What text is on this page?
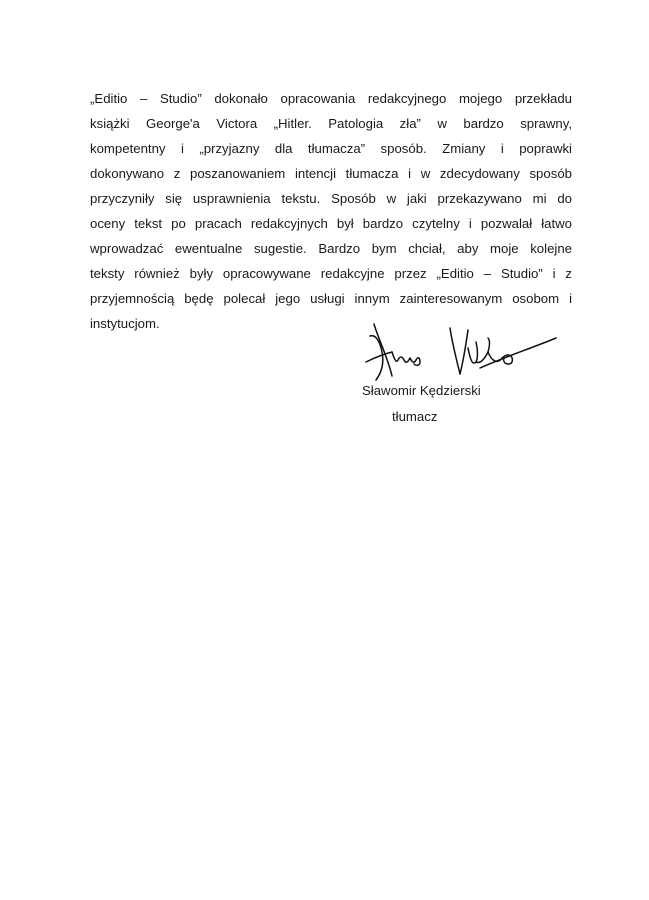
„Editio – Studio” dokonało opracowania redakcyjnego mojego przekładu
książki George'a Victora „Hitler. Patologia zła” w bardzo sprawny,
kompetentny i „przyjazny dla tłumacza” sposób. Zmiany i poprawki
dokonywano z poszanowaniem intencji tłumacza i w zdecydowany sposób
przyczyniły się usprawnienia tekstu. Sposób w jaki przekazywano mi do
oceny tekst po pracach redakcyjnych był bardzo czytelny i pozwalał łatwo
wprowadzać ewentualne sugestie. Bardzo bym chciał, aby moje kolejne
teksty również były opracowywane redakcyjne przez „Editio – Studio” i z
przyjemnością będę polecał jego usługi innym zainteresowanym osobom i
instytucjom.
Sławomir Kędzierski
tłumacz
